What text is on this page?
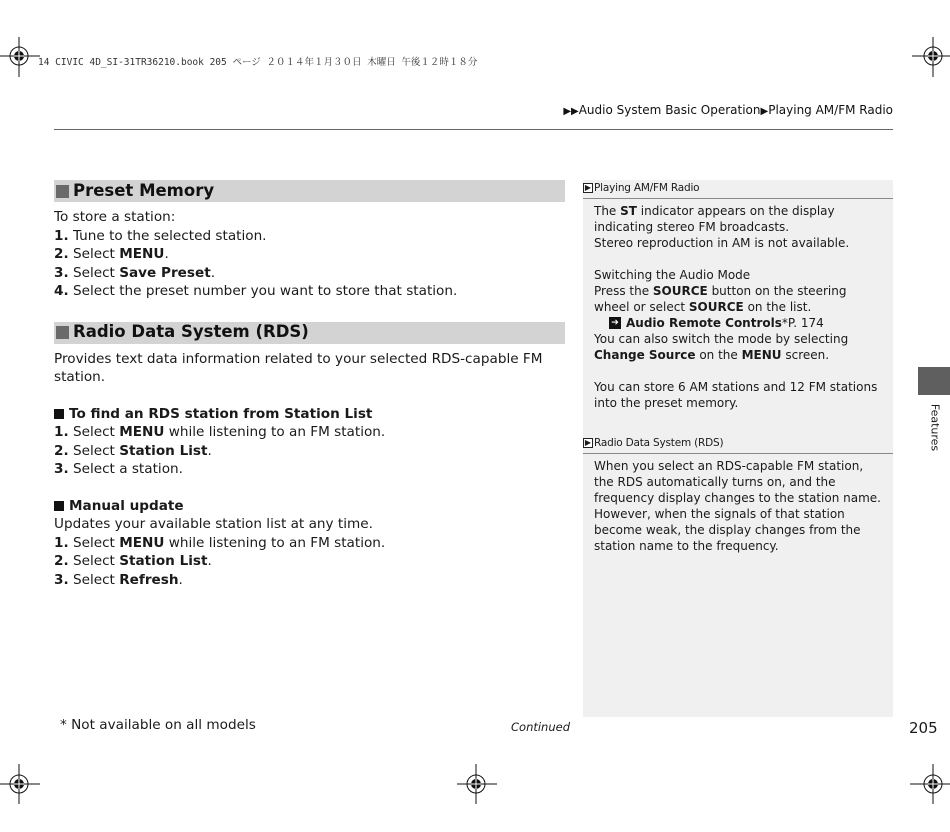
14 CIVIC 4D_SI-31TR36210.book 205 ページ ２０１４年１月３０日 木曜日 午後１２時１８分
▶▶Audio System Basic Operation▶Playing AM/FM Radio
Preset Memory
To store a station:
1. Tune to the selected station.
2. Select MENU.
3. Select Save Preset.
4. Select the preset number you want to store that station.
Radio Data System (RDS)
Provides text data information related to your selected RDS-capable FM station.
To find an RDS station from Station List
1. Select MENU while listening to an FM station.
2. Select Station List.
3. Select a station.
Manual update
Updates your available station list at any time.
1. Select MENU while listening to an FM station.
2. Select Station List.
3. Select Refresh.
▶ Playing AM/FM Radio
The ST indicator appears on the display indicating stereo FM broadcasts.
Stereo reproduction in AM is not available.
Switching the Audio Mode
Press the SOURCE button on the steering wheel or select SOURCE on the list.
➔ Audio Remote Controls * P. 174
You can also switch the mode by selecting Change Source on the MENU screen.
You can store 6 AM stations and 12 FM stations into the preset memory.
▶ Radio Data System (RDS)
When you select an RDS-capable FM station, the RDS automatically turns on, and the frequency display changes to the station name. However, when the signals of that station become weak, the display changes from the station name to the frequency.
Features
* Not available on all models	Continued	205
